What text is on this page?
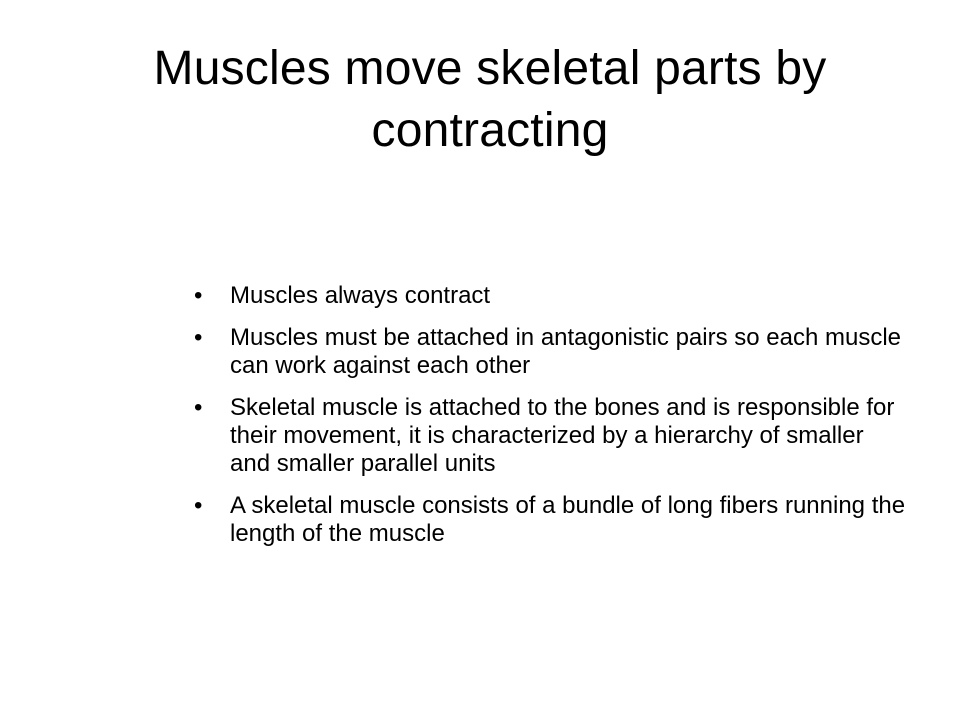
Muscles move skeletal parts by contracting
• Muscles always contract
• Muscles must be attached in antagonistic pairs so each muscle can work against each other
• Skeletal muscle is attached to the bones and is responsible for their movement, it is characterized by a hierarchy of smaller and smaller parallel units
• A skeletal muscle consists of a bundle of long fibers running the length of the muscle
